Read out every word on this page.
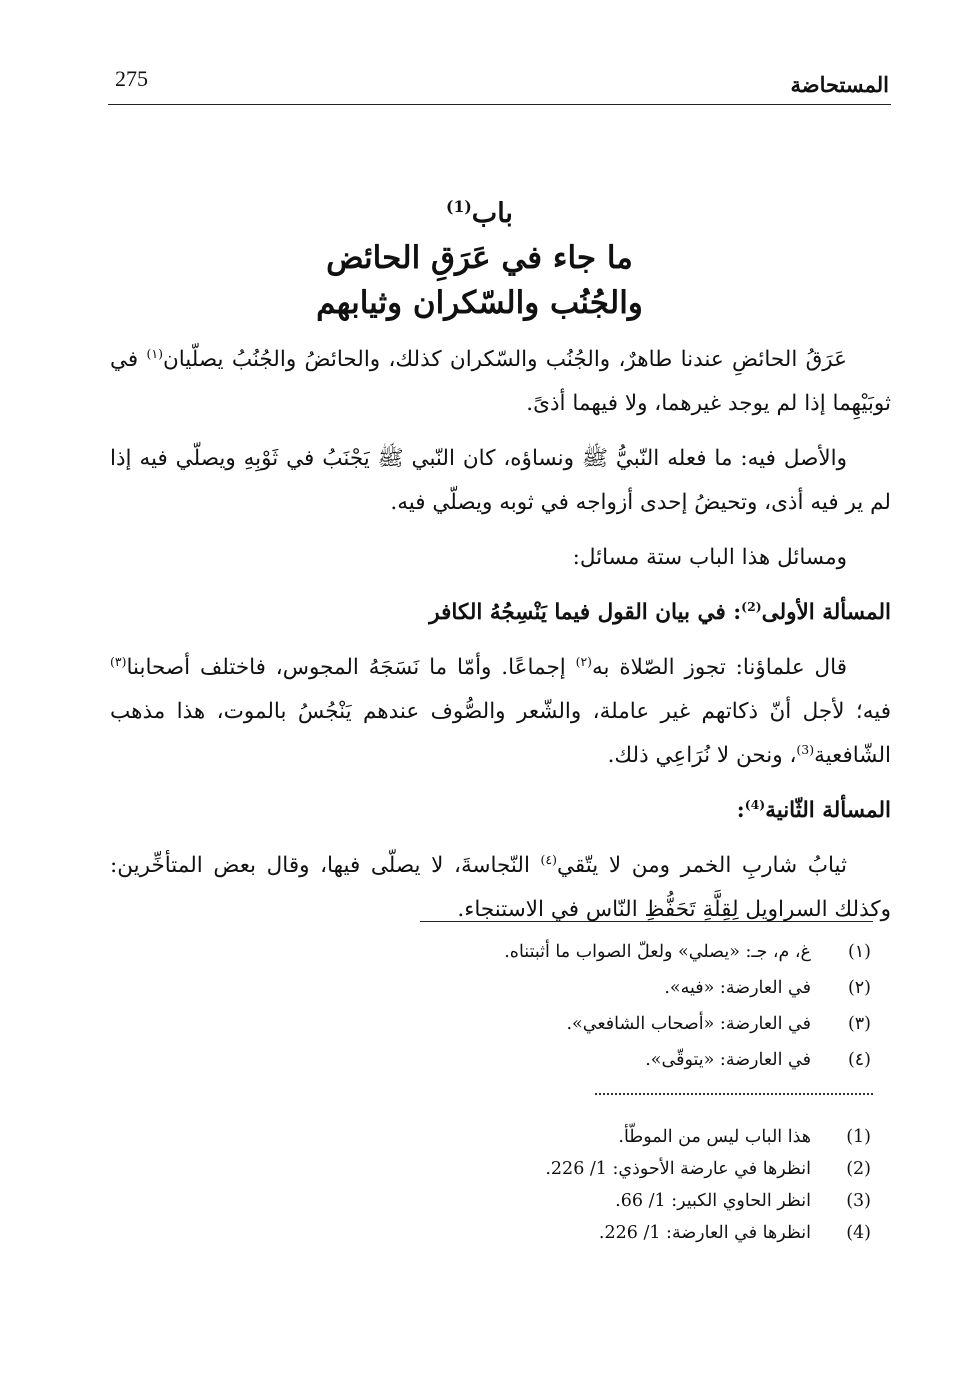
المستحاضة
275
باب$^{(1)}$
ما جاء في عَرَقِ الحائض
والجُنُب والسّكران وثيابهم

عَرَقُ الحائضِ عندنا طاهرٌ، والجُنُب والسّكران كذلك، والحائضُ والجُنُبُ يصلّيان$^{(١)}$ في ثوبَيْهِما إذا لم يوجد غيرهما، ولا فيهما أذىً.

والأصل فيه: ما فعله النّبيُّ ﷺ ونساؤه، كان النّبي ﷺ يَجْنَبُ في ثَوْبِهِ ويصلّي فيه إذا لم ير فيه أذى، وتحيضُ إحدى أزواجه في ثوبه ويصلّي فيه.

ومسائل هذا الباب ستة مسائل:

المسألة الأولى$^{(2)}$: في بيان القول فيما يَنْسِجُهُ الكافر

قال علماؤنا: تجوز الصّلاة به$^{(٢)}$ إجماعًا. وأمّا ما نَسَجَهُ المجوس، فاختلف أصحابنا$^{(٣)}$ فيه؛ لأجل أنّ ذكاتهم غير عاملة، والشّعر والصُّوف عندهم يَنْجُسُ بالموت، هذا مذهب الشّافعية$^{(3)}$، ونحن لا نُرَاعِي ذلك.

المسألة الثّانية$^{(4)}$:

ثيابُ شاربِ الخمر ومن لا يتّقي$^{(٤)}$ النّجاسةَ، لا يصلّى فيها، وقال بعض المتأخِّرين: وكذلك السراويل لِقِلَّةِ تَحَفُّظِ النّاس في الاستنجاء.

(١)
غ، م، جـ: «يصلي» ولعلّ الصواب ما أثبتناه.
(٢)
في العارضة: «فيه».
(٣)
في العارضة: «أصحاب الشافعي».
(٤)
في العارضة: «يتوقّى».
(1)
هذا الباب ليس من الموطّأ.
(2)
انظرها في عارضة الأحوذي: 1/ 226.
(3)
انظر الحاوي الكبير: 1/ 66.
(4)
انظرها في العارضة: 1/ 226.
